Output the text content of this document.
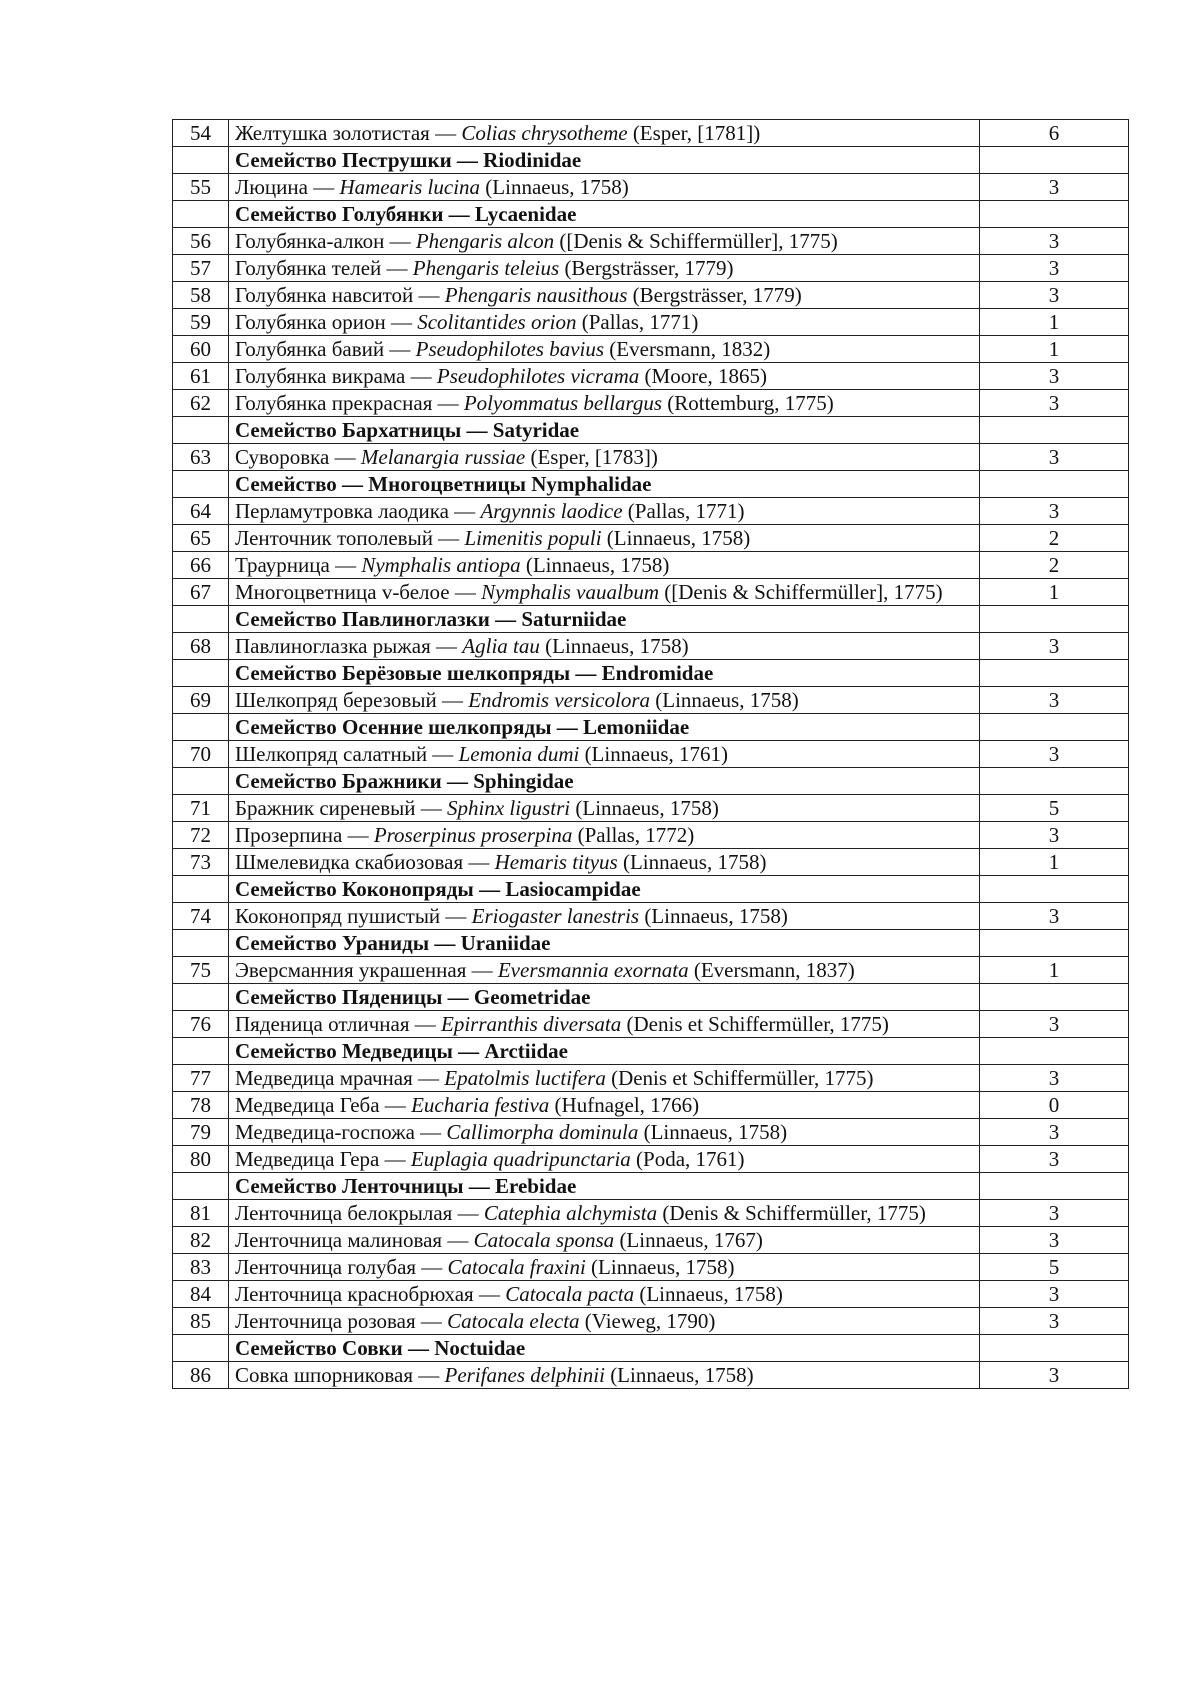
54	Желтушка золотистая — Colias chrysotheme (Esper, [1781])	6
	Семейство Пеструшки — Riodinidae	
55	Люцина — Hamearis lucina (Linnaeus, 1758)	3
	Семейство Голубянки — Lycaenidae	
56	Голубянка-алкон — Phengaris alcon ([Denis & Schiffermüller], 1775)	3
57	Голубянка телей — Phengaris teleius (Bergsträsser, 1779)	3
58	Голубянка навситой — Phengaris nausithous (Bergsträsser, 1779)	3
59	Голубянка орион — Scolitantides orion (Pallas, 1771)	1
60	Голубянка бавий — Pseudophilotes bavius (Eversmann, 1832)	1
61	Голубянка викрама — Pseudophilotes vicrama (Moore, 1865)	3
62	Голубянка прекрасная — Polyommatus bellargus (Rottemburg, 1775)	3
	Семейство Бархатницы — Satyridae	
63	Суворовка — Melanargia russiae (Esper, [1783])	3
	Семейство — Многоцветницы Nymphalidae	
64	Перламутровка лаодика — Argynnis laodice (Pallas, 1771)	3
65	Ленточник тополевый — Limenitis populi (Linnaeus, 1758)	2
66	Траурница — Nymphalis antiopa (Linnaeus, 1758)	2
67	Многоцветница v-белое — Nymphalis vaualbum ([Denis & Schiffermüller], 1775)	1
	Семейство Павлиноглазки — Saturniidae	
68	Павлиноглазка рыжая — Aglia tau (Linnaeus, 1758)	3
	Семейство Берёзовые шелкопряды — Endromidae	
69	Шелкопряд березовый — Endromis versicolora (Linnaeus, 1758)	3
	Семейство Осенние шелкопряды — Lemoniidae	
70	Шелкопряд салатный — Lemonia dumi (Linnaeus, 1761)	3
	Семейство Бражники — Sphingidae	
71	Бражник сиреневый — Sphinx ligustri (Linnaeus, 1758)	5
72	Прозерпина — Proserpinus proserpina (Pallas, 1772)	3
73	Шмелевидка скабиозовая — Hemaris tityus (Linnaeus, 1758)	1
	Семейство Коконопряды — Lasiocampidae	
74	Коконопряд пушистый — Eriogaster lanestris (Linnaeus, 1758)	3
	Семейство Ураниды — Uraniidae	
75	Эверсманния украшенная — Eversmannia exornata (Eversmann, 1837)	1
	Семейство Пяденицы — Geometridae	
76	Пяденица отличная — Epirranthis diversata (Denis et Schiffermüller, 1775)	3
	Семейство Медведицы — Arctiidae	
77	Медведица мрачная — Epatolmis luctifera (Denis et Schiffermüller, 1775)	3
78	Медведица Геба — Eucharia festiva (Hufnagel, 1766)	0
79	Медведица-госпожа — Callimorpha dominula (Linnaeus, 1758)	3
80	Медведица Гера — Euplagia quadripunctaria (Poda, 1761)	3
	Семейство Ленточницы — Erebidae	
81	Ленточница белокрылая — Catephia alchymista (Denis & Schiffermüller, 1775)	3
82	Ленточница малиновая — Catocala sponsa (Linnaeus, 1767)	3
83	Ленточница голубая — Catocala fraxini (Linnaeus, 1758)	5
84	Ленточница краснобрюхая — Catocala pacta (Linnaeus, 1758)	3
85	Ленточница розовая — Catocala electa (Vieweg, 1790)	3
	Семейство Совки — Noctuidae	
86	Совка шпорниковая — Perifanes delphinii (Linnaeus, 1758)	3
